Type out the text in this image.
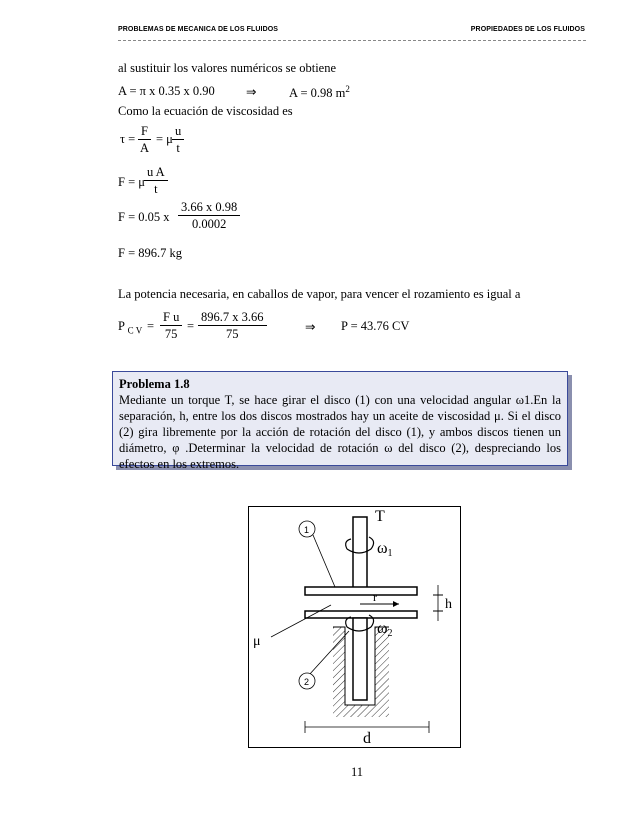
PROBLEMAS DE MECANICA DE LOS FLUIDOS	PROPIEDADES DE LOS FLUIDOS
al sustituir los valores numéricos se obtiene
A = π x 0.35 x 0.90	⇒	A = 0.98 $m^2$
Como la ecuación de viscosidad es
$\tau = \frac{F}{A} = \mu \frac{u}{t}$
F = μ $\frac{\text{u A}}{t}$
F = 0.05 x $\frac{3.66 x 0.98}{0.0002}$
F = 896.7 kg
La potencia necesaria, en caballos de vapor, para vencer el rozamiento es igual a
P $_{C V} = \frac{\text{F u}}{75} = \frac{896.7 x 3.66}{75}$	⇒ P = 43.76 CV
Problema 1.8
Mediante un torque T, se hace girar el disco (1) con una velocidad angular ω1.En la separación, h, entre los dos discos mostrados hay un aceite de viscosidad μ. Si el disco (2) gira libremente por la acción de rotación del disco (1), y ambos discos tienen un diámetro, φ .Determinar la velocidad de rotación ω del disco (2), despreciando los efectos en los extremos.
T
1
2
ω1
ω2
r	h
μ
d
11
